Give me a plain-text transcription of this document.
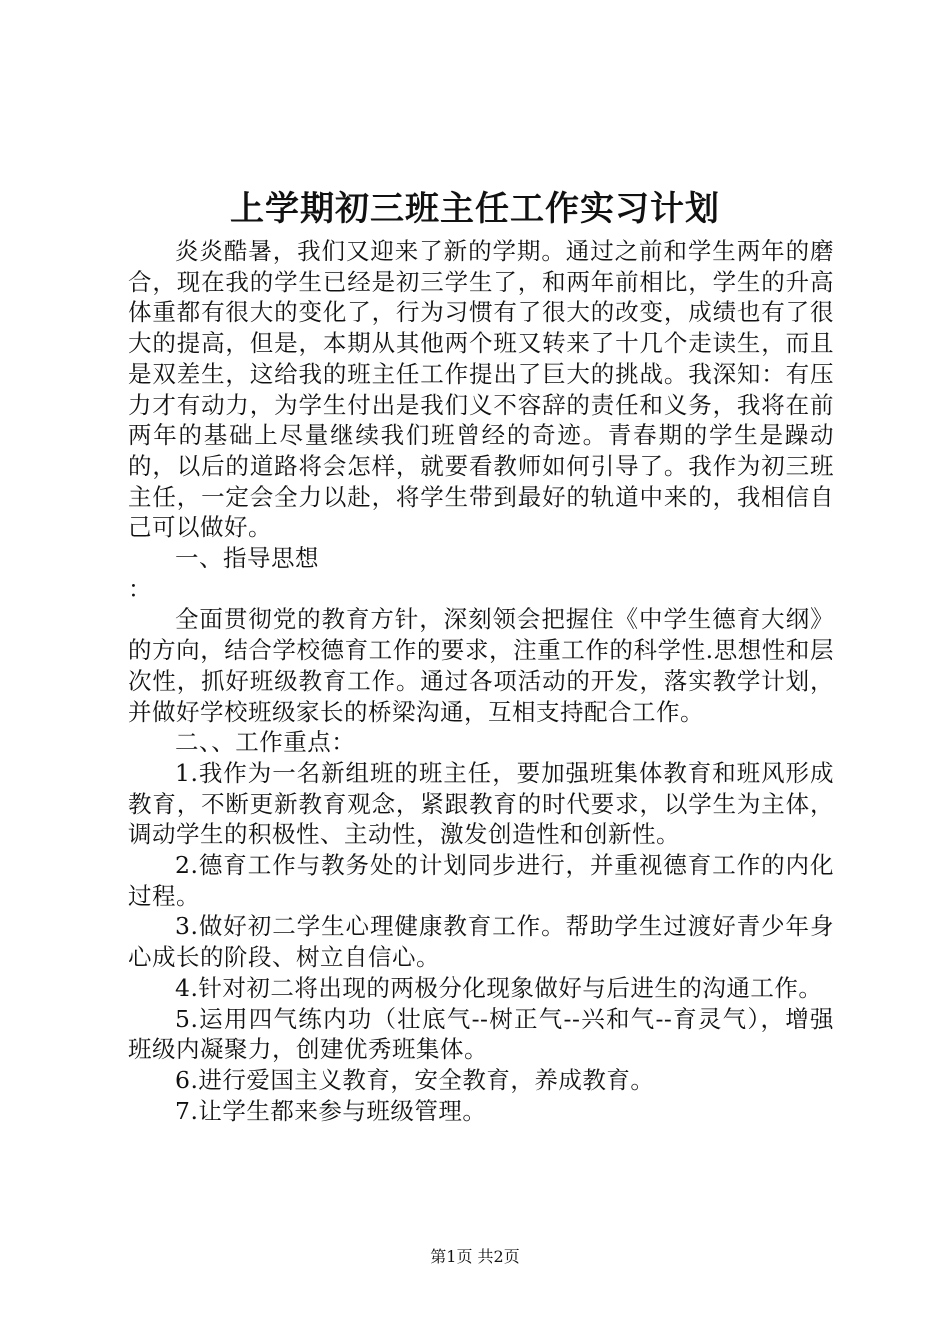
上学期初三班主任工作实习计划

炎炎酷暑，我们又迎来了新的学期。通过之前和学生两年的磨合，现在我的学生已经是初三学生了，和两年前相比，学生的升高体重都有很大的变化了，行为习惯有了很大的改变，成绩也有了很大的提高，但是，本期从其他两个班又转来了十几个走读生，而且是双差生，这给我的班主任工作提出了巨大的挑战。我深知：有压力才有动力，为学生付出是我们义不容辞的责任和义务，我将在前两年的基础上尽量继续我们班曾经的奇迹。青春期的学生是躁动的，以后的道路将会怎样，就要看教师如何引导了。我作为初三班主任，一定会全力以赴，将学生带到最好的轨道中来的，我相信自己可以做好。

一、指导思想

：

全面贯彻党的教育方针，深刻领会把握住《中学生德育大纲》的方向，结合学校德育工作的要求，注重工作的科学性.思想性和层次性，抓好班级教育工作。通过各项活动的开发，落实教学计划，并做好学校班级家长的桥梁沟通，互相支持配合工作。

二、、工作重点：

1.我作为一名新组班的班主任，要加强班集体教育和班风形成教育，不断更新教育观念，紧跟教育的时代要求，以学生为主体，调动学生的积极性、主动性，激发创造性和创新性。

2.德育工作与教务处的计划同步进行，并重视德育工作的内化过程。

3.做好初二学生心理健康教育工作。帮助学生过渡好青少年身心成长的阶段、树立自信心。

4.针对初二将出现的两极分化现象做好与后进生的沟通工作。

5.运用四气练内功（壮底气--树正气--兴和气--育灵气），增强班级内凝聚力，创建优秀班集体。

6.进行爱国主义教育，安全教育，养成教育。

7.让学生都来参与班级管理。

第1页 共2页
